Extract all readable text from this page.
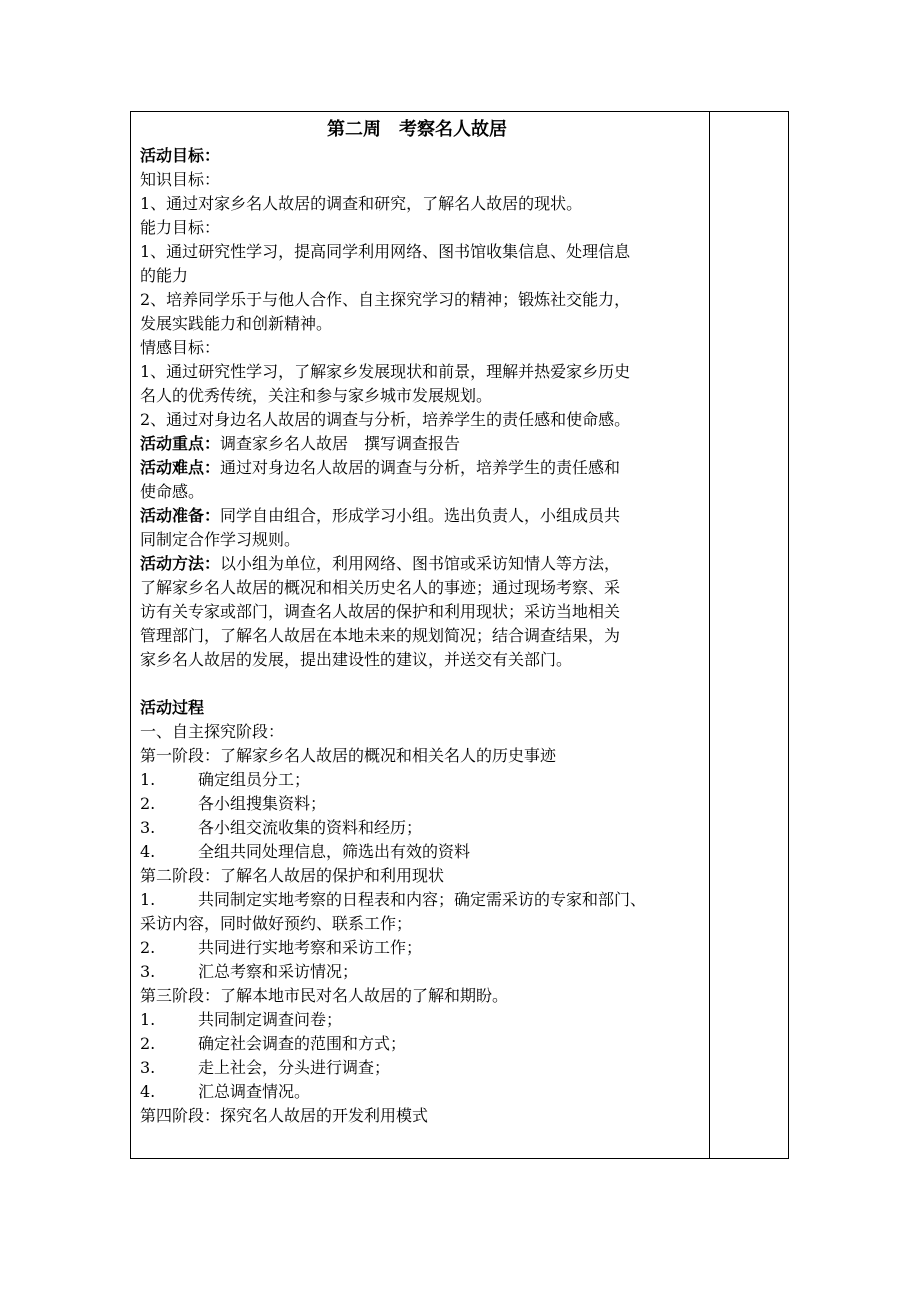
第二周　考察名人故居
活动目标：
知识目标：
1、通过对家乡名人故居的调查和研究，了解名人故居的现状。
能力目标：
1、通过研究性学习，提高同学利用网络、图书馆收集信息、处理信息
的能力
2、培养同学乐于与他人合作、自主探究学习的精神；锻炼社交能力，
发展实践能力和创新精神。
情感目标：
1、通过研究性学习，了解家乡发展现状和前景，理解并热爱家乡历史
名人的优秀传统，关注和参与家乡城市发展规划。
2、通过对身边名人故居的调查与分析，培养学生的责任感和使命感。
活动重点：调查家乡名人故居　撰写调查报告
活动难点：通过对身边名人故居的调查与分析，培养学生的责任感和
使命感。
活动准备：同学自由组合，形成学习小组。选出负责人，小组成员共
同制定合作学习规则。
活动方法：以小组为单位，利用网络、图书馆或采访知情人等方法，
了解家乡名人故居的概况和相关历史名人的事迹；通过现场考察、采
访有关专家或部门，调查名人故居的保护和利用现状；采访当地相关
管理部门，了解名人故居在本地未来的规划简况；结合调查结果，为
家乡名人故居的发展，提出建设性的建议，并送交有关部门。
活动过程
一、自主探究阶段：
第一阶段：了解家乡名人故居的概况和相关名人的历史事迹
1.	确定组员分工；
2.	各小组搜集资料；
3.	各小组交流收集的资料和经历；
4.	全组共同处理信息，筛选出有效的资料
第二阶段：了解名人故居的保护和利用现状
1.	共同制定实地考察的日程表和内容；确定需采访的专家和部门、
采访内容，同时做好预约、联系工作；
2.	共同进行实地考察和采访工作；
3.	汇总考察和采访情况；
第三阶段：了解本地市民对名人故居的了解和期盼。
1.	共同制定调查问卷；
2.	确定社会调查的范围和方式；
3.	走上社会，分头进行调查；
4.	汇总调查情况。
第四阶段：探究名人故居的开发利用模式
